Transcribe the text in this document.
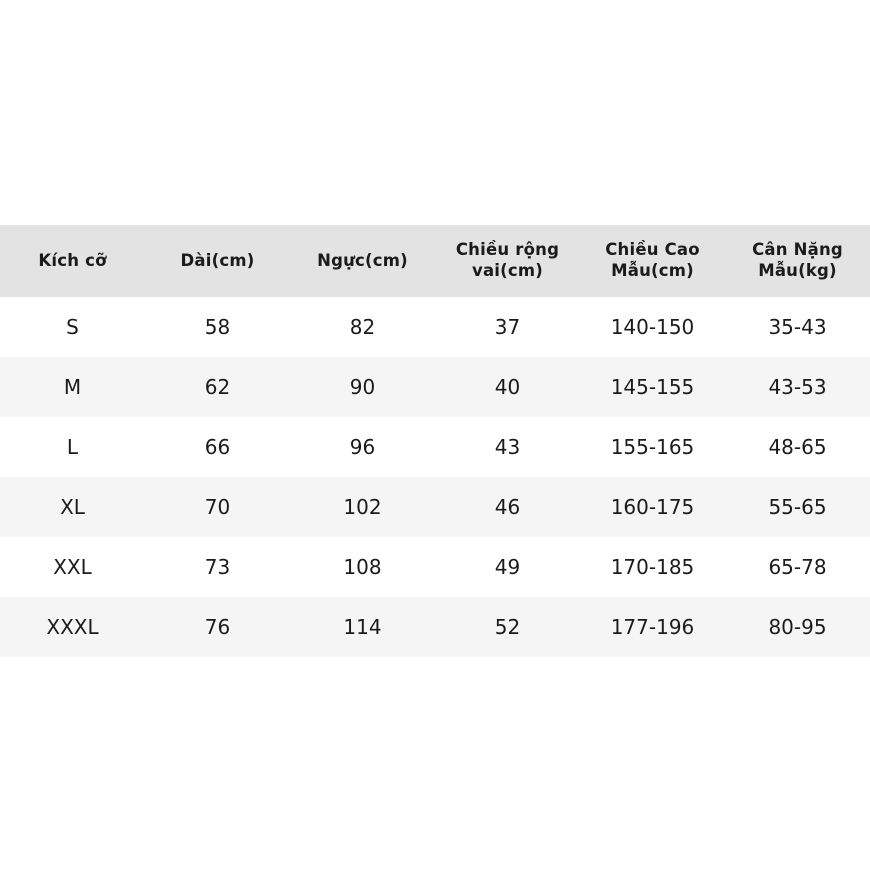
Kích cỡ	Dài(cm)	Ngực(cm)	Chiều rộng vai(cm)	Chiều Cao Mẫu(cm)	Cân Nặng Mẫu(kg)
S	58	82	37	140-150	35-43
M	62	90	40	145-155	43-53
L	66	96	43	155-165	48-65
XL	70	102	46	160-175	55-65
XXL	73	108	49	170-185	65-78
XXXL	76	114	52	177-196	80-95
